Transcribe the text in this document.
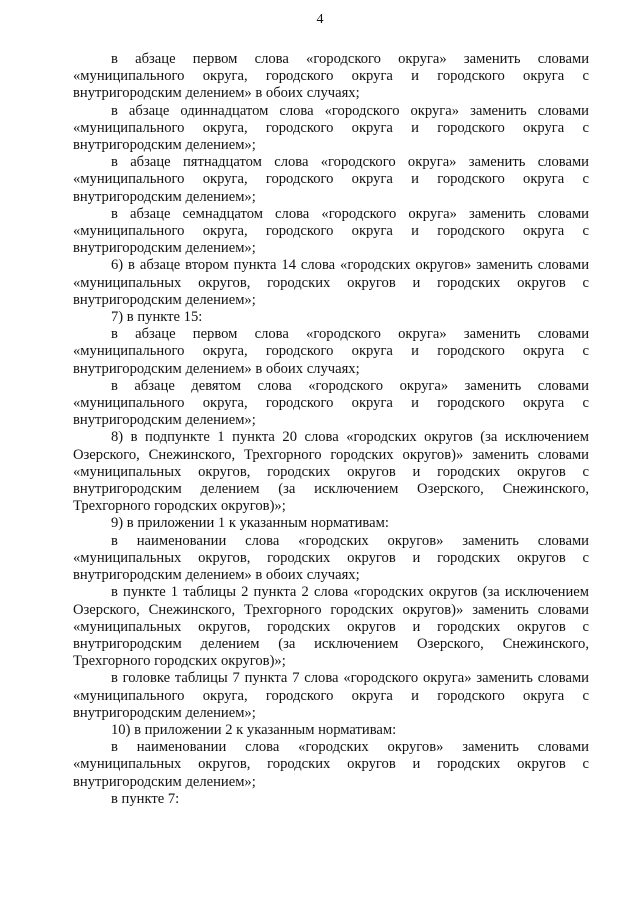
4

в абзаце первом слова «городского округа» заменить словами «муниципального округа, городского округа и городского округа с внутригородским делением» в обоих случаях;

в абзаце одиннадцатом слова «городского округа» заменить словами «муниципального округа, городского округа и городского округа с внутригородским делением»;

в абзаце пятнадцатом слова «городского округа» заменить словами «муниципального округа, городского округа и городского округа с внутригородским делением»;

в абзаце семнадцатом слова «городского округа» заменить словами «муниципального округа, городского округа и городского округа с внутригородским делением»;

6) в абзаце втором пункта 14 слова «городских округов» заменить словами «муниципальных округов, городских округов и городских округов с внутригородским делением»;

7) в пункте 15:

в абзаце первом слова «городского округа» заменить словами «муниципального округа, городского округа и городского округа с внутригородским делением» в обоих случаях;

в абзаце девятом слова «городского округа» заменить словами «муниципального округа, городского округа и городского округа с внутригородским делением»;

8) в подпункте 1 пункта 20 слова «городских округов (за исключением Озерского, Снежинского, Трехгорного городских округов)» заменить словами «муниципальных округов, городских округов и городских округов с внутригородским делением (за исключением Озерского, Снежинского, Трехгорного городских округов)»;

9) в приложении 1 к указанным нормативам:

в наименовании слова «городских округов» заменить словами «муниципальных округов, городских округов и городских округов с внутригородским делением» в обоих случаях;

в пункте 1 таблицы 2 пункта 2 слова «городских округов (за исключением Озерского, Снежинского, Трехгорного городских округов)» заменить словами «муниципальных округов, городских округов и городских округов с внутригородским делением (за исключением Озерского, Снежинского, Трехгорного городских округов)»;

в головке таблицы 7 пункта 7 слова «городского округа» заменить словами «муниципального округа, городского округа и городского округа с внутригородским делением»;

10) в приложении 2 к указанным нормативам:

в наименовании слова «городских округов» заменить словами «муниципальных округов, городских округов и городских округов с внутригородским делением»;

в пункте 7:
